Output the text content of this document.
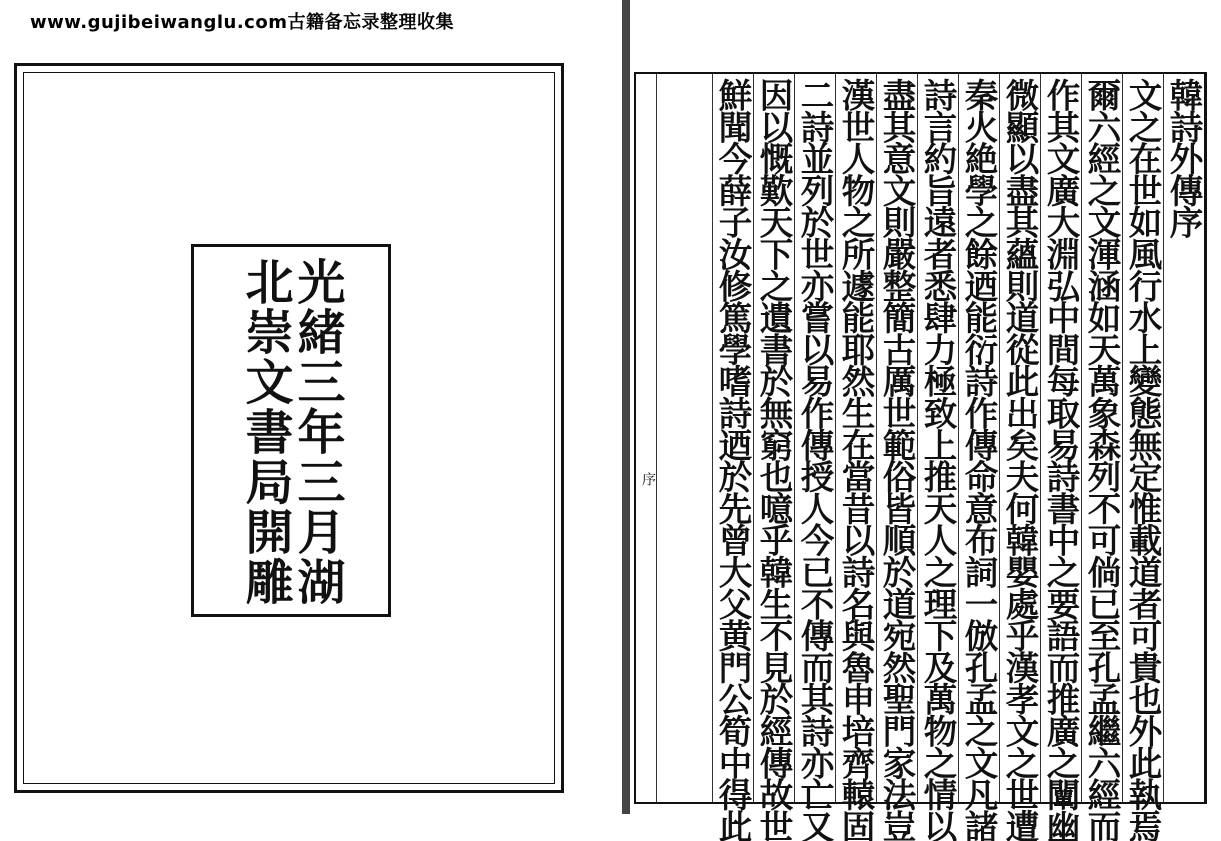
www.gujibeiwanglu.com古籍备忘录整理收集
光緒三年三月湖
北崇文書局開雕	序
韓詩外傳序
文之在世如風行水上變態無定惟載道者可貴也外此執焉
爾六經之文渾涵如天萬象森列不可倘已至孔孟繼六經而
作其文廣大淵弘中間每取易詩書中之要語而推廣之闡幽
微顯以盡其蘊則道從此出矣夫何韓嬰處乎漢孝文之世遭
秦火絶學之餘迺能衍詩作傳命意布詞一倣孔孟之文凡諸
詩言約旨遠者悉肆力極致上推天人之理下及萬物之情以
盡其意文則嚴整簡古厲世範俗皆順於道宛然聖門家法豈
漢世人物之所遽能耶然生在當昔以詩名與魯申培齊轅固
二詩並列於世亦嘗以易作傳授人今已不傳而其詩亦亡又
因以慨歎天下之遺書於無窮也噫乎韓生不見於經傳故世
鮮聞今薛子汝修篤學嗜詩迺於先曾大父黄門公筍中得此
